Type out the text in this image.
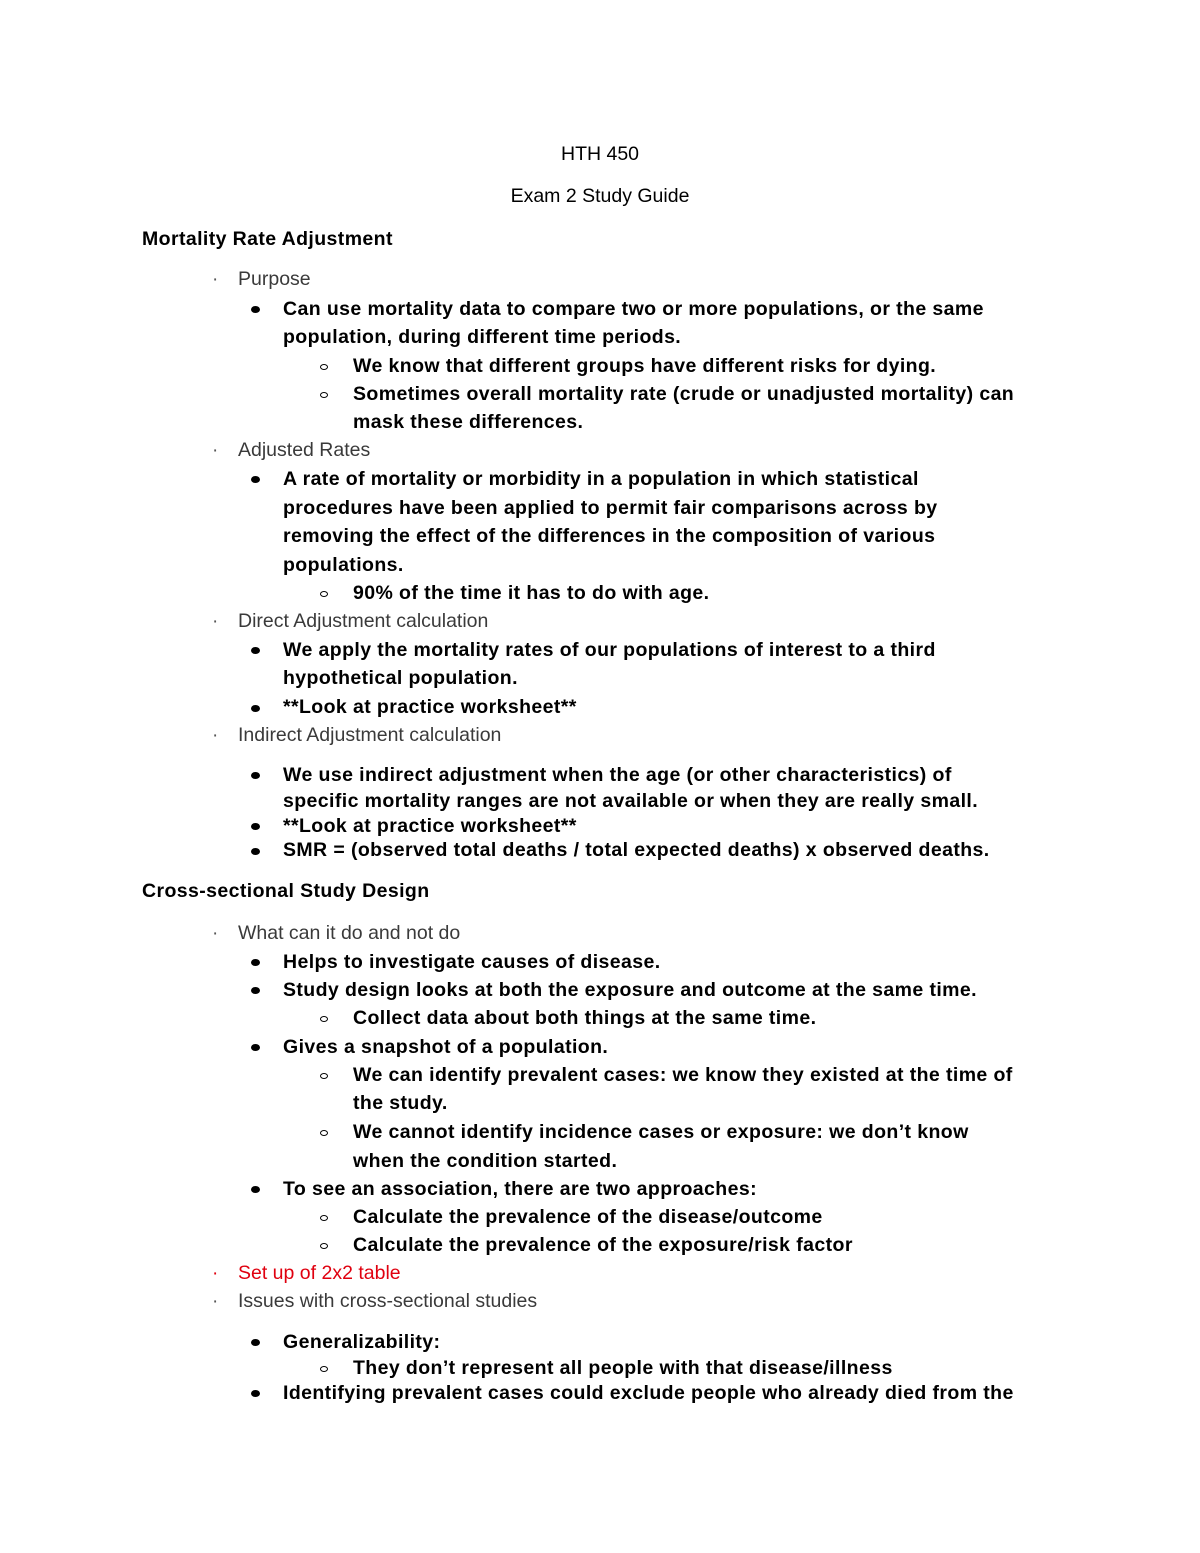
HTH 450
Exam 2 Study Guide
Mortality Rate Adjustment
· Purpose
Can use mortality data to compare two or more populations, or the same
population, during different time periods.
We know that different groups have different risks for dying.
Sometimes overall mortality rate (crude or unadjusted mortality) can
mask these differences.
· Adjusted Rates
A rate of mortality or morbidity in a population in which statistical
procedures have been applied to permit fair comparisons across by
removing the effect of the differences in the composition of various
populations.
90% of the time it has to do with age.
· Direct Adjustment calculation
We apply the mortality rates of our populations of interest to a third
hypothetical population.
**Look at practice worksheet**
· Indirect Adjustment calculation
We use indirect adjustment when the age (or other characteristics) of
specific mortality ranges are not available or when they are really small.
**Look at practice worksheet**
SMR = (observed total deaths / total expected deaths) x observed deaths.
Cross-sectional Study Design
· What can it do and not do
Helps to investigate causes of disease.
Study design looks at both the exposure and outcome at the same time.
Collect data about both things at the same time.
Gives a snapshot of a population.
We can identify prevalent cases: we know they existed at the time of
the study.
We cannot identify incidence cases or exposure: we don’t know
when the condition started.
To see an association, there are two approaches:
Calculate the prevalence of the disease/outcome
Calculate the prevalence of the exposure/risk factor
· Set up of 2x2 table
· Issues with cross-sectional studies
Generalizability:
They don’t represent all people with that disease/illness
Identifying prevalent cases could exclude people who already died from the
